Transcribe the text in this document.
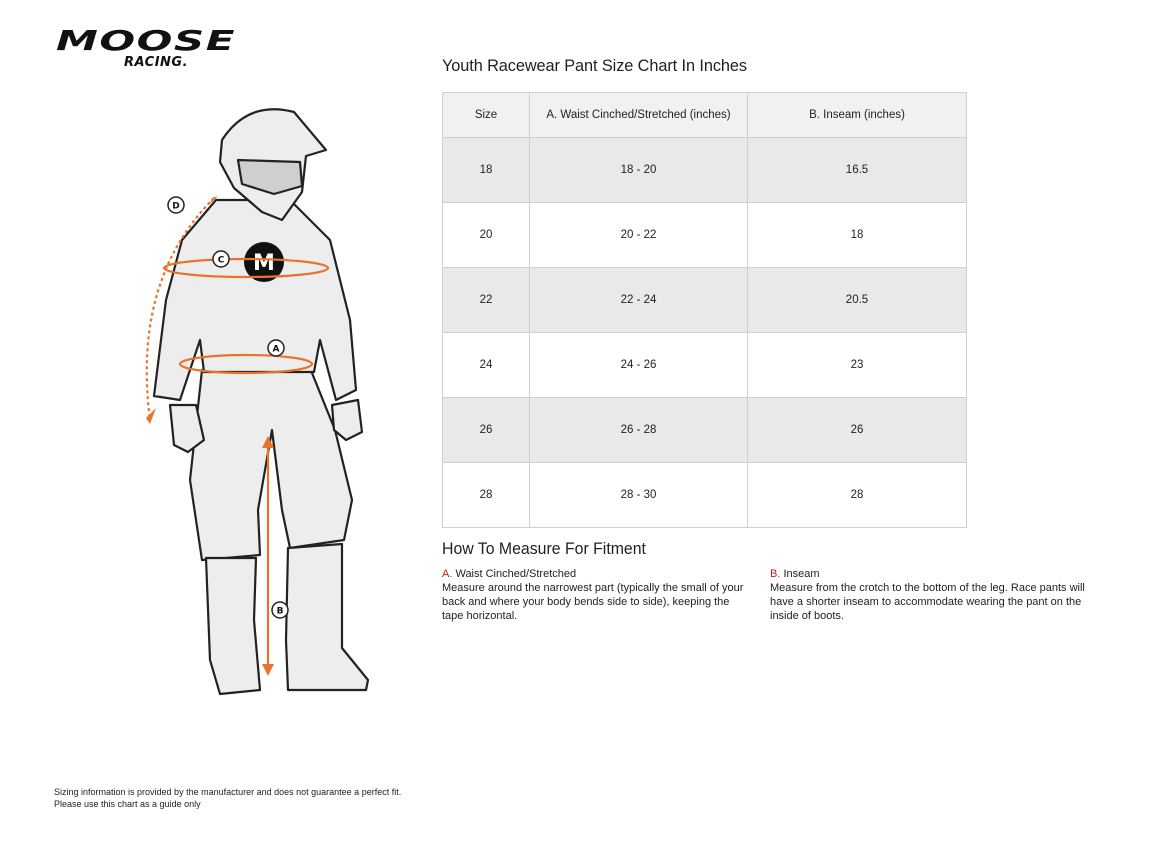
MOOSE
RACING.
M
D
C
A
B
Youth Racewear Pant Size Chart In Inches
Size	A. Waist Cinched/Stretched (inches)	B. Inseam (inches)
18	18 - 20	16.5
20	20 - 22	18
22	22 - 24	20.5
24	24 - 26	23
26	26 - 28	26
28	28 - 30	28
How To Measure For Fitment
A. Waist Cinched/Stretched
Measure around the narrowest part (typically the small of your back and where your body bends side to side), keeping the tape horizontal.
B. Inseam
Measure from the crotch to the bottom of the leg. Race pants will have a shorter inseam to accommodate wearing the pant on the inside of boots.
Sizing information is provided by the manufacturer and does not guarantee a perfect fit.
Please use this chart as a guide only
